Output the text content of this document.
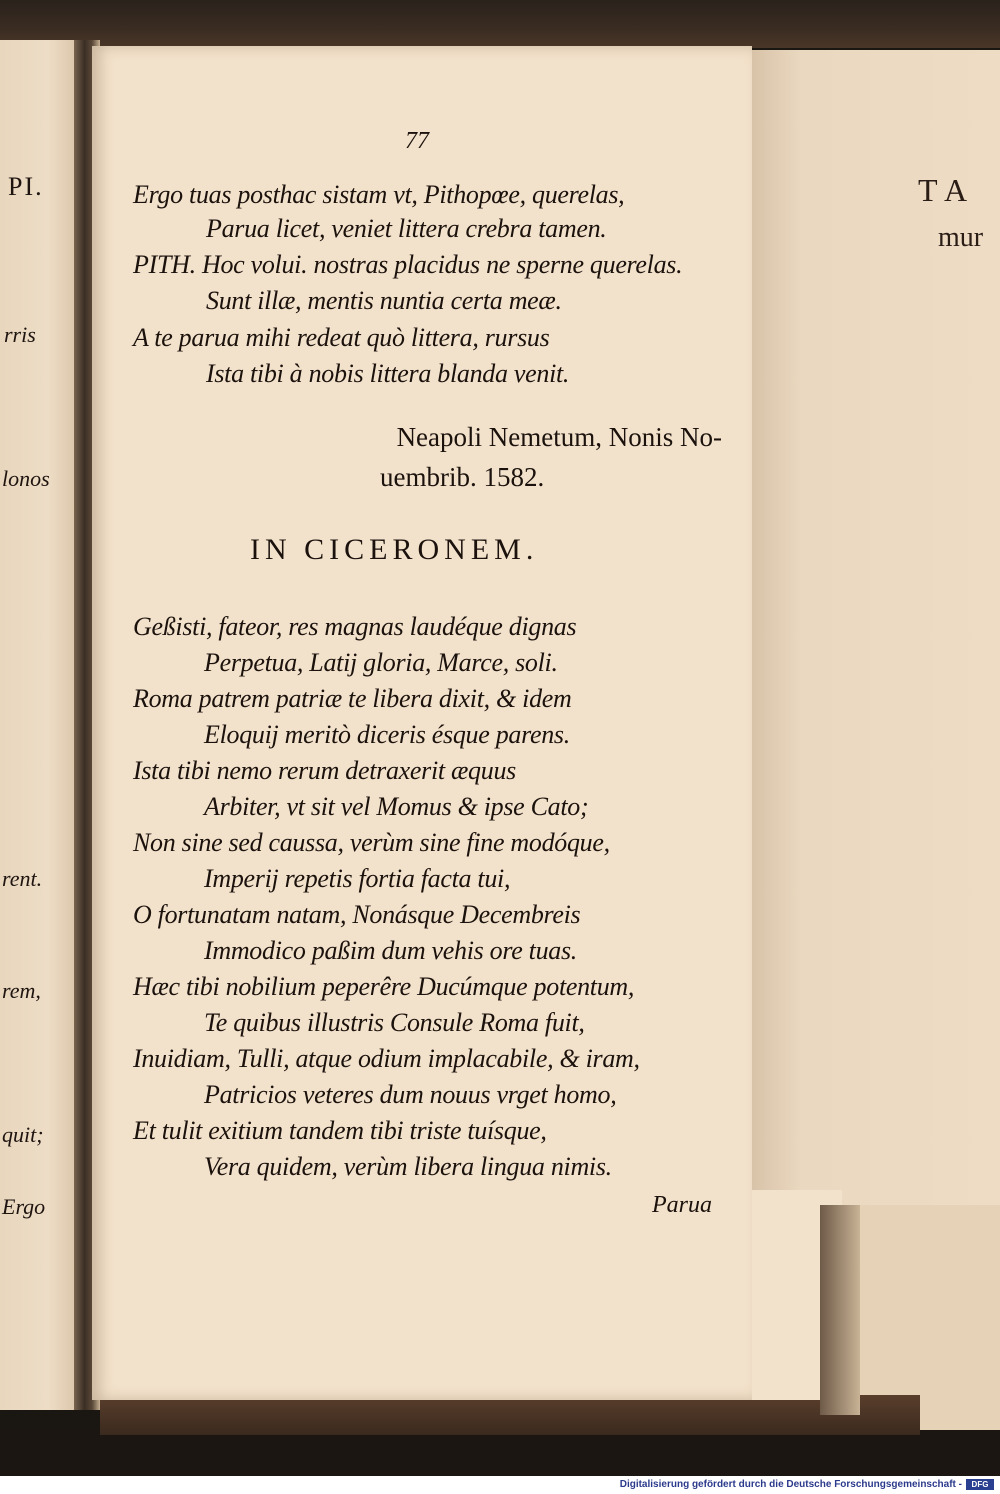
PI.
rris
lonos
rent.
rem,
quit;
Ergo
TA
mur
77
Ergo tuas posthac sistam vt, Pithopœe, querelas,
Parua licet, veniet littera crebra tamen.
PITH. Hoc volui. nostras placidus ne sperne querelas.
Sunt illæ, mentis nuntia certa meæ.
A te parua mihi redeat quò littera, rursus
Ista tibi à nobis littera blanda venit.
Neapoli Nemetum, Nonis No-
uembrib. 1582.
IN CICERONEM.
Geßisti, fateor, res magnas laudéque dignas
Perpetua, Latij gloria, Marce, soli.
Roma patrem patriæ te libera dixit, & idem
Eloquij meritò diceris ésque parens.
Ista tibi nemo rerum detraxerit æquus
Arbiter, vt sit vel Momus & ipse Cato;
Non sine sed caussa, verùm sine fine modóque,
Imperij repetis fortia facta tui,
O fortunatam natam, Nonásque Decembreis
Immodico paßim dum vehis ore tuas.
Hæc tibi nobilium peperêre Ducúmque potentum,
Te quibus illustris Consule Roma fuit,
Inuidiam, Tulli, atque odium implacabile, & iram,
Patricios veteres dum nouus vrget homo,
Et tulit exitium tandem tibi triste tuísque,
Vera quidem, verùm libera lingua nimis.
Parua
Digitalisierung gefördert durch die Deutsche Forschungsgemeinschaft -	DFG
